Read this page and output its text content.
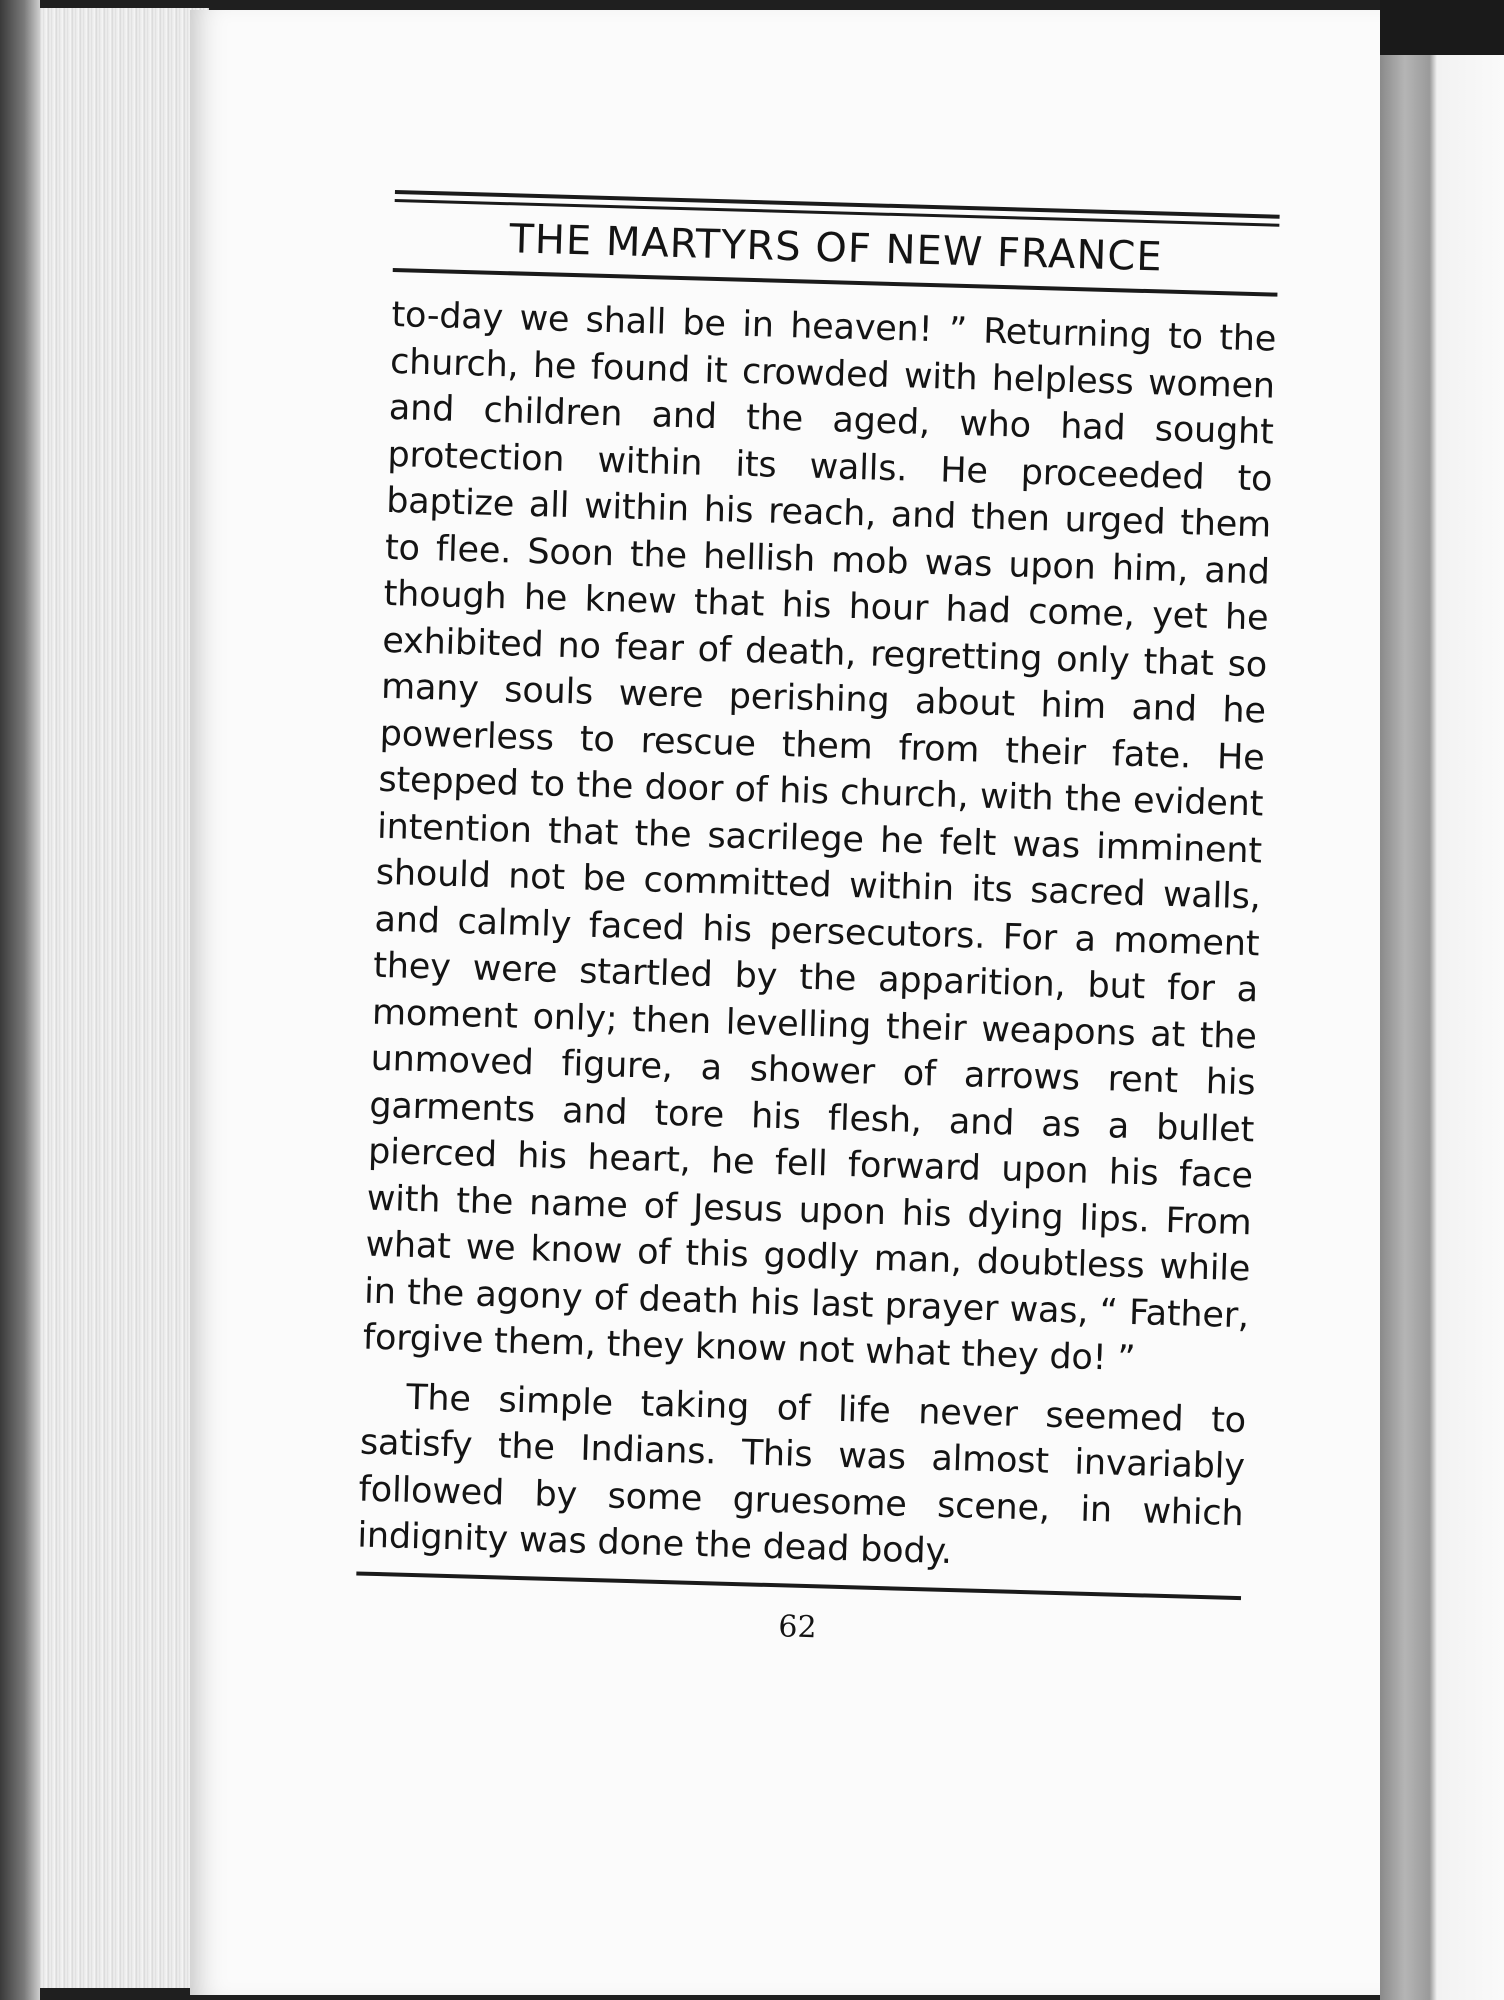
THE MARTYRS OF NEW FRANCE

to-day we shall be in heaven! ” Returning to the church, he found it crowded with helpless women and children and the aged, who had sought protection within its walls. He proceeded to baptize all within his reach, and then urged them to flee. Soon the hellish mob was upon him, and though he knew that his hour had come, yet he exhibited no fear of death, regretting only that so many souls were perishing about him and he powerless to rescue them from their fate. He stepped to the door of his church, with the evident intention that the sacrilege he felt was imminent should not be committed within its sacred walls, and calmly faced his persecutors. For a moment they were startled by the apparition, but for a moment only; then levelling their weapons at the unmoved figure, a shower of arrows rent his garments and tore his flesh, and as a bullet pierced his heart, he fell forward upon his face with the name of Jesus upon his dying lips. From what we know of this godly man, doubtless while in the agony of death his last prayer was, “ Father, forgive them, they know not what they do! ”

The simple taking of life never seemed to satisfy the Indians. This was almost invariably followed by some gruesome scene, in which indignity was done the dead body.

62
